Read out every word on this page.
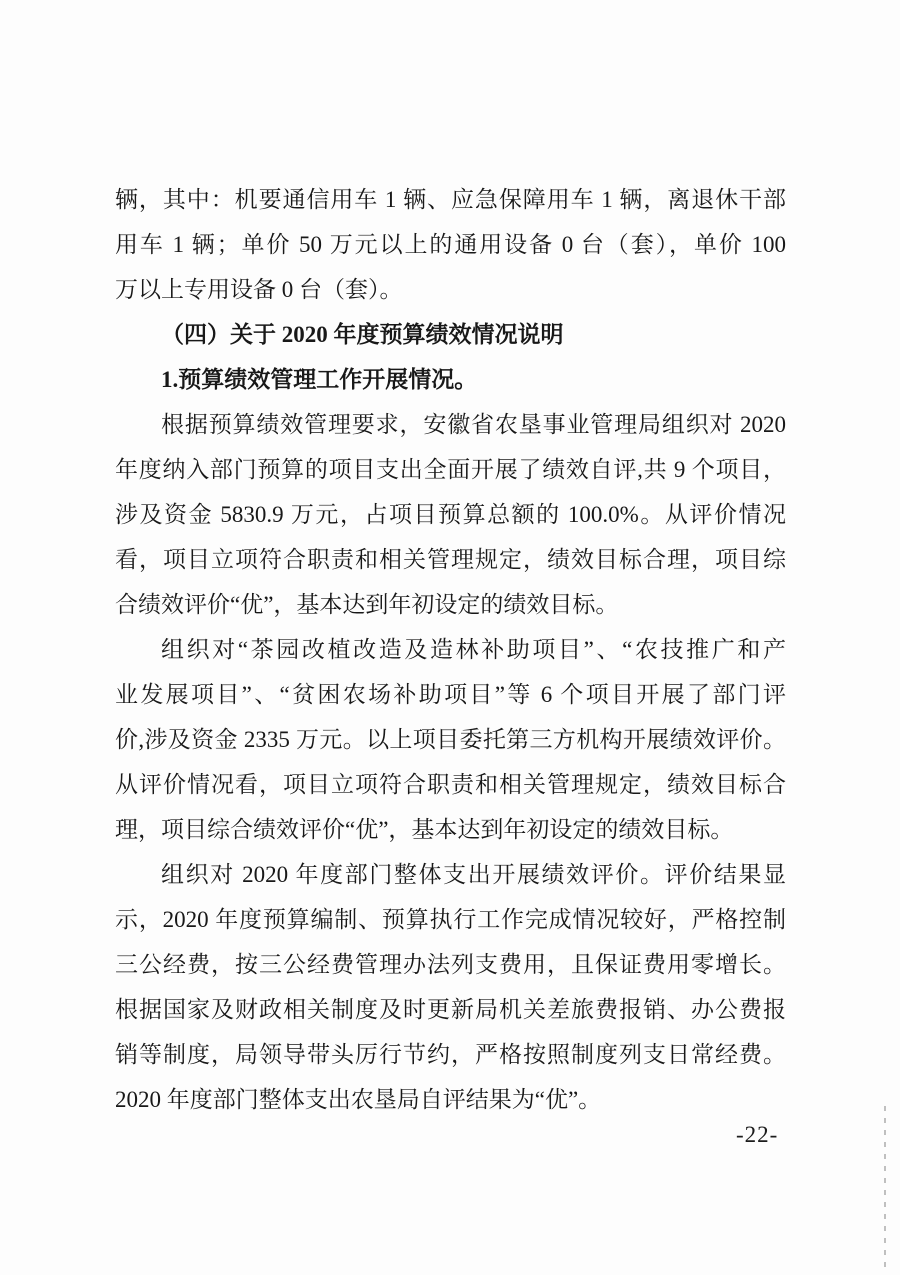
辆，其中：机要通信用车 1 辆、应急保障用车 1 辆，离退休干部
用车 1 辆；单价 50 万元以上的通用设备 0 台（套），单价 100
万以上专用设备 0 台（套）。
（四）关于 2020 年度预算绩效情况说明
1.预算绩效管理工作开展情况。
根据预算绩效管理要求，安徽省农垦事业管理局组织对 2020
年度纳入部门预算的项目支出全面开展了绩效自评,共 9 个项目，
涉及资金 5830.9 万元，占项目预算总额的 100.0%。从评价情况
看，项目立项符合职责和相关管理规定，绩效目标合理，项目综
合绩效评价“优”，基本达到年初设定的绩效目标。
组织对“茶园改植改造及造林补助项目”、“农技推广和产
业发展项目”、“贫困农场补助项目”等 6 个项目开展了部门评
价,涉及资金 2335 万元。以上项目委托第三方机构开展绩效评价。
从评价情况看，项目立项符合职责和相关管理规定，绩效目标合
理，项目综合绩效评价“优”，基本达到年初设定的绩效目标。
组织对 2020 年度部门整体支出开展绩效评价。评价结果显
示，2020 年度预算编制、预算执行工作完成情况较好，严格控制
三公经费，按三公经费管理办法列支费用，且保证费用零增长。
根据国家及财政相关制度及时更新局机关差旅费报销、办公费报
销等制度，局领导带头厉行节约，严格按照制度列支日常经费。
2020 年度部门整体支出农垦局自评结果为“优”。
-22-
